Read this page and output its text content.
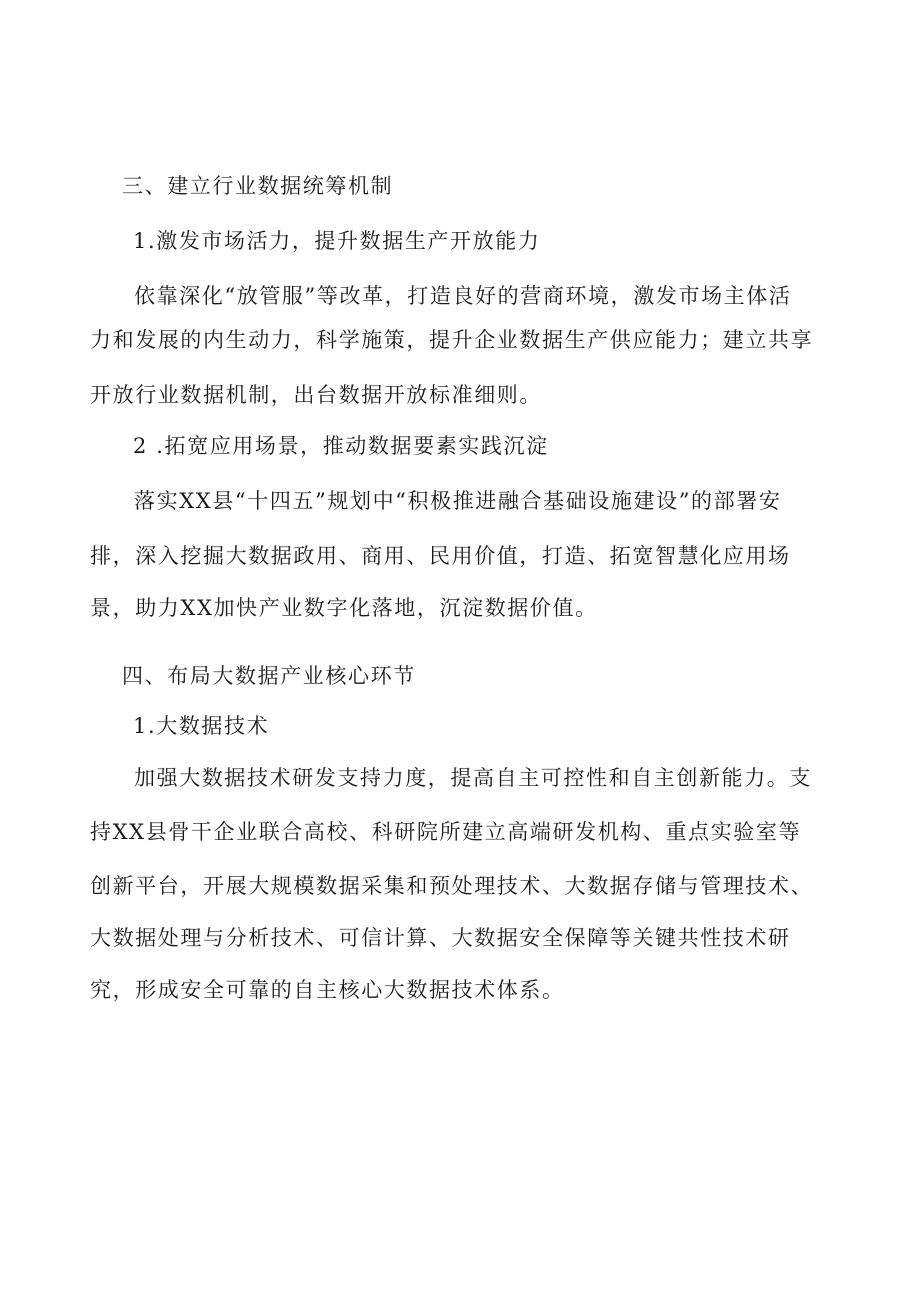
三、建立行业数据统筹机制
1.激发市场活力，提升数据生产开放能力
依靠深化“放管服”等改革，打造良好的营商环境，激发市场主体活
力和发展的内生动力，科学施策，提升企业数据生产供应能力；建立共享
开放行业数据机制，出台数据开放标准细则。
2 .拓宽应用场景，推动数据要素实践沉淀
落实XX县“十四五”规划中“积极推进融合基础设施建设”的部署安
排，深入挖掘大数据政用、商用、民用价值，打造、拓宽智慧化应用场
景，助力XX加快产业数字化落地，沉淀数据价值。
四、布局大数据产业核心环节
1.大数据技术
加强大数据技术研发支持力度，提高自主可控性和自主创新能力。支
持XX县骨干企业联合高校、科研院所建立高端研发机构、重点实验室等
创新平台，开展大规模数据采集和预处理技术、大数据存储与管理技术、
大数据处理与分析技术、可信计算、大数据安全保障等关键共性技术研
究，形成安全可靠的自主核心大数据技术体系。
